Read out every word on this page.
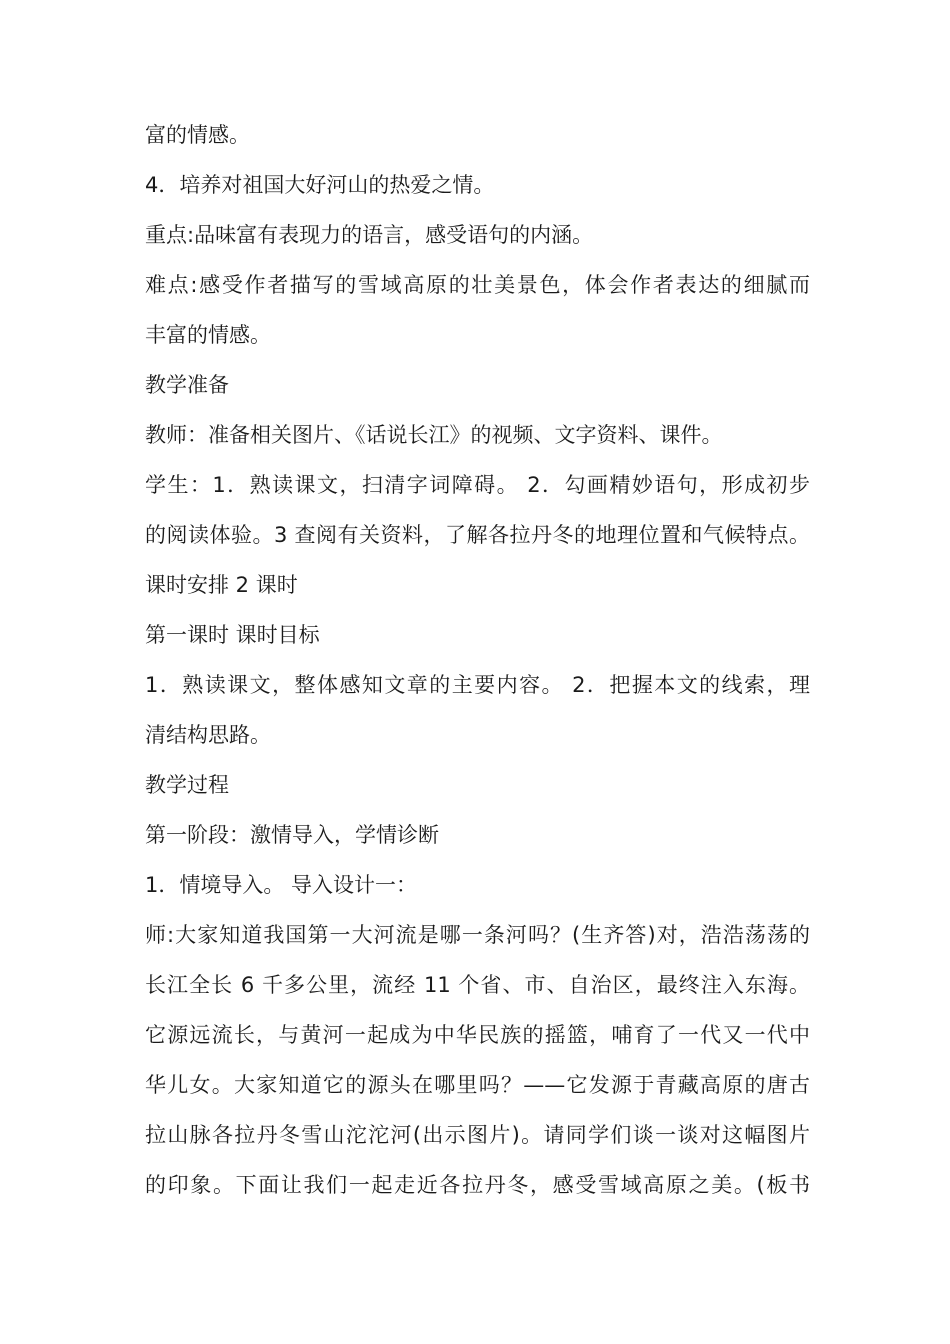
富的情感。
4．培养对祖国大好河山的热爱之情。
重点:品味富有表现力的语言，感受语句的内涵。
难点:感受作者描写的雪域高原的壮美景色，体会作者表达的细腻而
丰富的情感。
教学准备
教师：准备相关图片、《话说长江》的视频、文字资料、课件。
学生：1．熟读课文，扫清字词障碍。 2．勾画精妙语句，形成初步
的阅读体验。3 查阅有关资料，了解各拉丹冬的地理位置和气候特点。
课时安排 2 课时
第一课时 课时目标
1．熟读课文，整体感知文章的主要内容。 2．把握本文的线索，理
清结构思路。
教学过程
第一阶段：激情导入，学情诊断
1．情境导入。 导入设计一：
师:大家知道我国第一大河流是哪一条河吗？(生齐答)对，浩浩荡荡的
长江全长 6 千多公里，流经 11 个省、市、自治区，最终注入东海。
它源远流长，与黄河一起成为中华民族的摇篮，哺育了一代又一代中
华儿女。大家知道它的源头在哪里吗？——它发源于青藏高原的唐古
拉山脉各拉丹冬雪山沱沱河(出示图片)。请同学们谈一谈对这幅图片
的印象。下面让我们一起走近各拉丹冬，感受雪域高原之美。(板书
